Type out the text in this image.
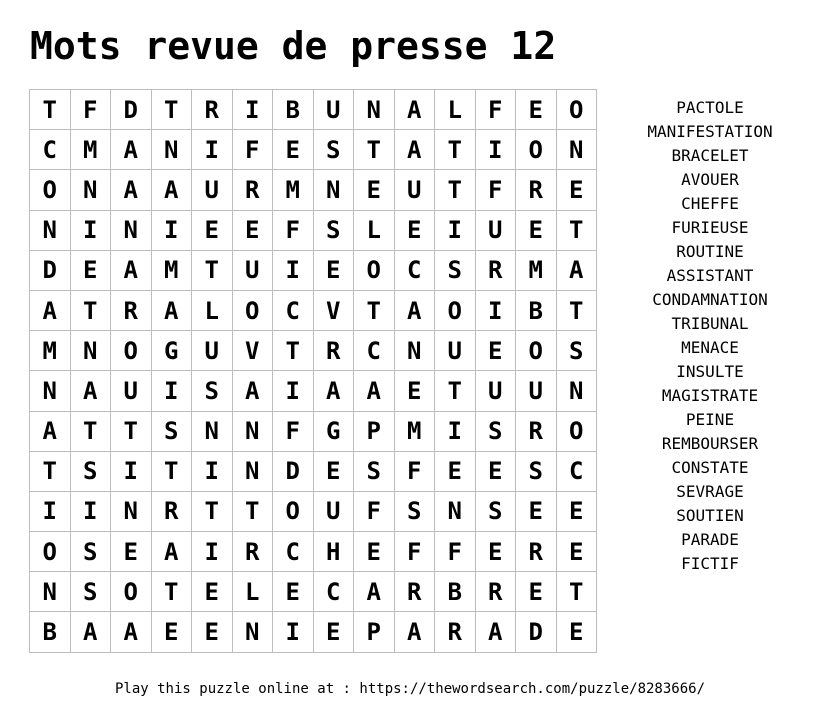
Mots revue de presse 12
T	F	D	T	R	I	B	U	N	A	L	F	E	O
C	M	A	N	I	F	E	S	T	A	T	I	O	N
O	N	A	A	U	R	M	N	E	U	T	F	R	E
N	I	N	I	E	E	F	S	L	E	I	U	E	T
D	E	A	M	T	U	I	E	O	C	S	R	M	A
A	T	R	A	L	O	C	V	T	A	O	I	B	T
M	N	O	G	U	V	T	R	C	N	U	E	O	S
N	A	U	I	S	A	I	A	A	E	T	U	U	N
A	T	T	S	N	N	F	G	P	M	I	S	R	O
T	S	I	T	I	N	D	E	S	F	E	E	S	C
I	I	N	R	T	T	O	U	F	S	N	S	E	E
O	S	E	A	I	R	C	H	E	F	F	E	R	E
N	S	O	T	E	L	E	C	A	R	B	R	E	T
B	A	A	E	E	N	I	E	P	A	R	A	D	E
PACTOLE
MANIFESTATION
BRACELET
AVOUER
CHEFFE
FURIEUSE
ROUTINE
ASSISTANT
CONDAMNATION
TRIBUNAL
MENACE
INSULTE
MAGISTRATE
PEINE
REMBOURSER
CONSTATE
SEVRAGE
SOUTIEN
PARADE
FICTIF
Play this puzzle online at : https://thewordsearch.com/puzzle/8283666/
